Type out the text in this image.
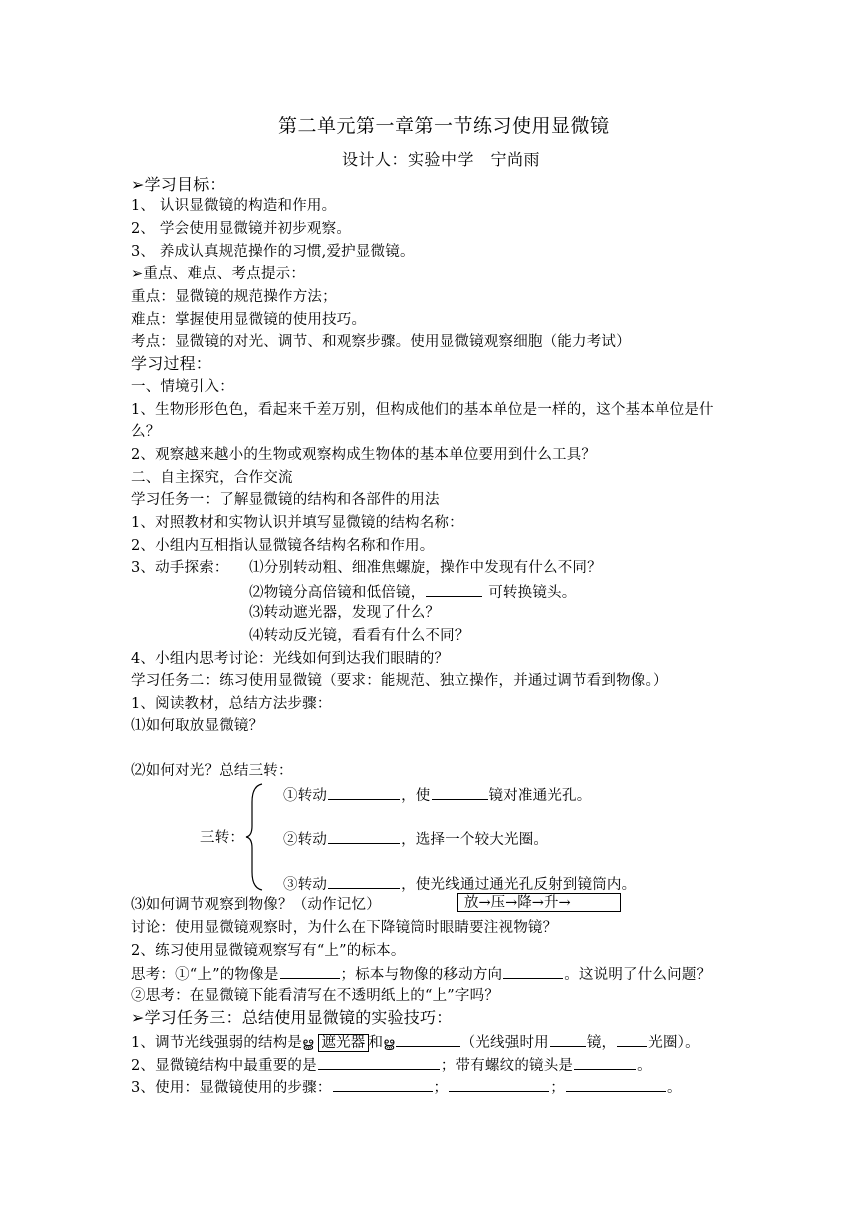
第二单元第一章第一节练习使用显微镜
设计人：实验中学　宁尚雨
➢学习目标：
1、 认识显微镜的构造和作用。
2、 学会使用显微镜并初步观察。
3、 养成认真规范操作的习惯,爱护显微镜。
➢重点、难点、考点提示：
重点：显微镜的规范操作方法；
难点：掌握使用显微镜的使用技巧。
考点：显微镜的对光、调节、和观察步骤。使用显微镜观察细胞（能力考试）
学习过程：
一、情境引入：
1、生物形形色色，看起来千差万别，但构成他们的基本单位是一样的，这个基本单位是什
么？
2、观察越来越小的生物或观察构成生物体的基本单位要用到什么工具？
二、自主探究，合作交流
学习任务一：了解显微镜的结构和各部件的用法
1、对照教材和实物认识并填写显微镜的结构名称：
2、小组内互相指认显微镜各结构名称和作用。
3、动手探索： ⑴分别转动粗、细准焦螺旋，操作中发现有什么不同？
⑵物镜分高倍镜和低倍镜，	可转换镜头。
⑶转动遮光器，发现了什么？
⑷转动反光镜，看看有什么不同？
4、小组内思考讨论：光线如何到达我们眼睛的？
学习任务二：练习使用显微镜（要求：能规范、独立操作，并通过调节看到物像。）
1、阅读教材，总结方法步骤：
⑴如何取放显微镜？
⑵如何对光？总结三转：
三转：
①转动	，使	镜对准通光孔。
②转动	，选择一个较大光圈。
③转动	，使光线通过通光孔反射到镜筒内。
⑶如何调节观察到物像？（动作记忆）	放→压→降→升→
讨论：使用显微镜观察时，为什么在下降镜筒时眼睛要注视物镜？
2、练习使用显微镜观察写有“上”的标本。
思考：①“上”的物像是	；标本与物像的移动方向	。这说明了什么问题？
②思考：在显微镜下能看清写在不透明纸上的“上”字吗？
➢学习任务三：总结使用显微镜的实验技巧：
1、调节光线强弱的结构是ൠ 遮光器 和ൠ	（光线强时用	镜， 光圈）。
2、显微镜结构中最重要的是	；带有螺纹的镜头是	。
3、使用：显微镜使用的步骤：	；	；	。
